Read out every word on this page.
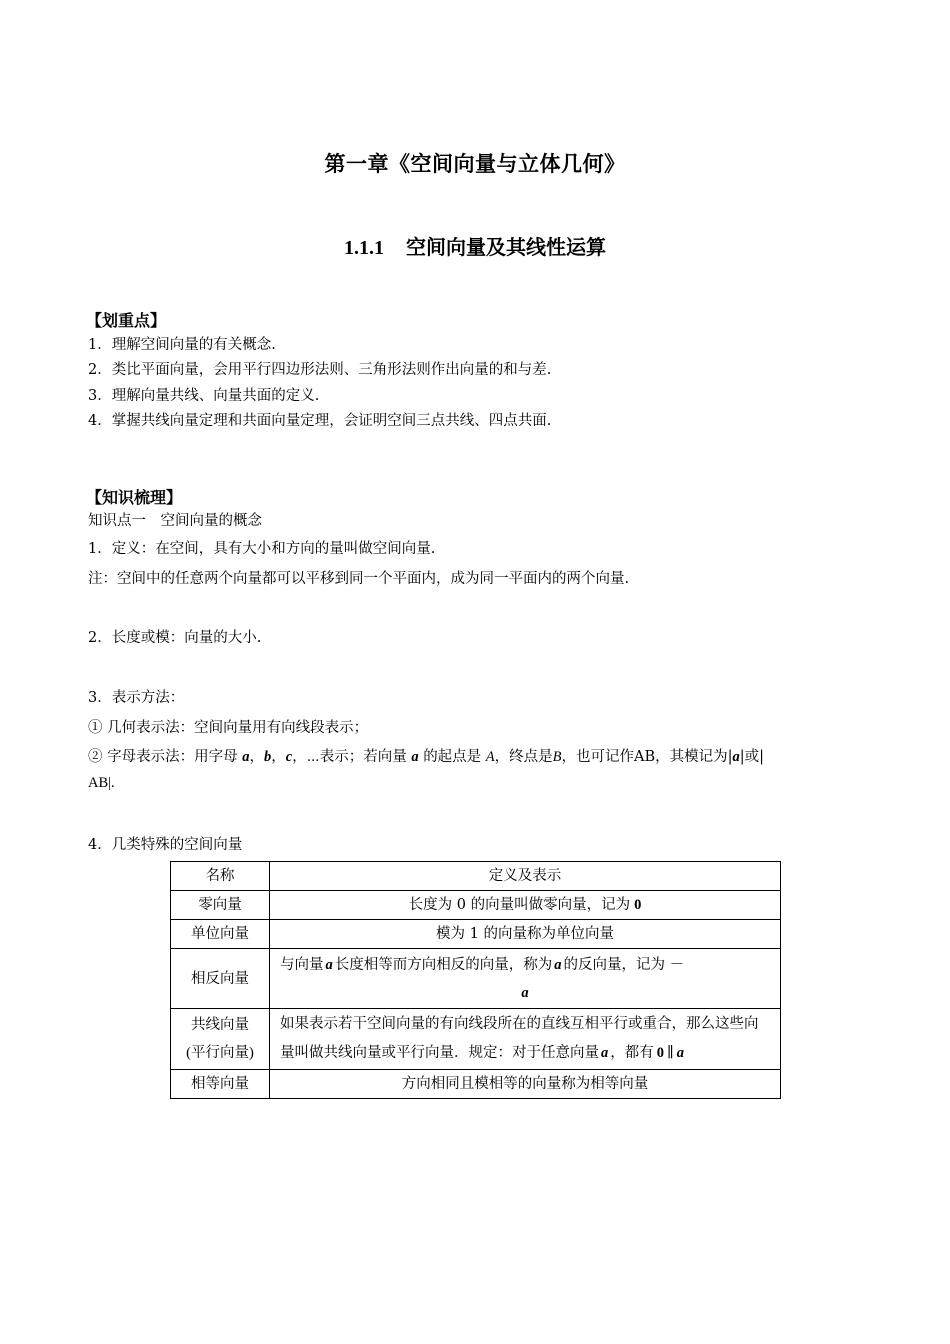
第一章《空间向量与立体几何》
1.1.1 空间向量及其线性运算
【划重点】
1．理解空间向量的有关概念.
2．类比平面向量，会用平行四边形法则、三角形法则作出向量的和与差.
3．理解向量共线、向量共面的定义.
4．掌握共线向量定理和共面向量定理，会证明空间三点共线、四点共面.
【知识梳理】
知识点一　空间向量的概念
1．定义：在空间，具有大小和方向的量叫做空间向量.
注：空间中的任意两个向量都可以平移到同一个平面内，成为同一平面内的两个向量.
2．长度或模：向量的大小.
3．表示方法：
① 几何表示法：空间向量用有向线段表示；
② 字母表示法：用字母 a，b，c，⋯表示；若向量 a 的起点是 A，终点是B，也可记作AB，其模记为|a|或|
AB|.
4．几类特殊的空间向量
名称	定义及表示
零向量	长度为 0 的向量叫做零向量，记为 0
单位向量	模为 1 的向量称为单位向量
相反向量	与向量 a 长度相等而方向相反的向量，称为 a 的反向量，记为 －
a

共线向量
(平行向量)	如果表示若干空间向量的有向线段所在的直线互相平行或重合，那么这些向量叫做共线向量或平行向量．规定：对于任意向量 a ，都有 0 ∥ a
相等向量	方向相同且模相等的向量称为相等向量
